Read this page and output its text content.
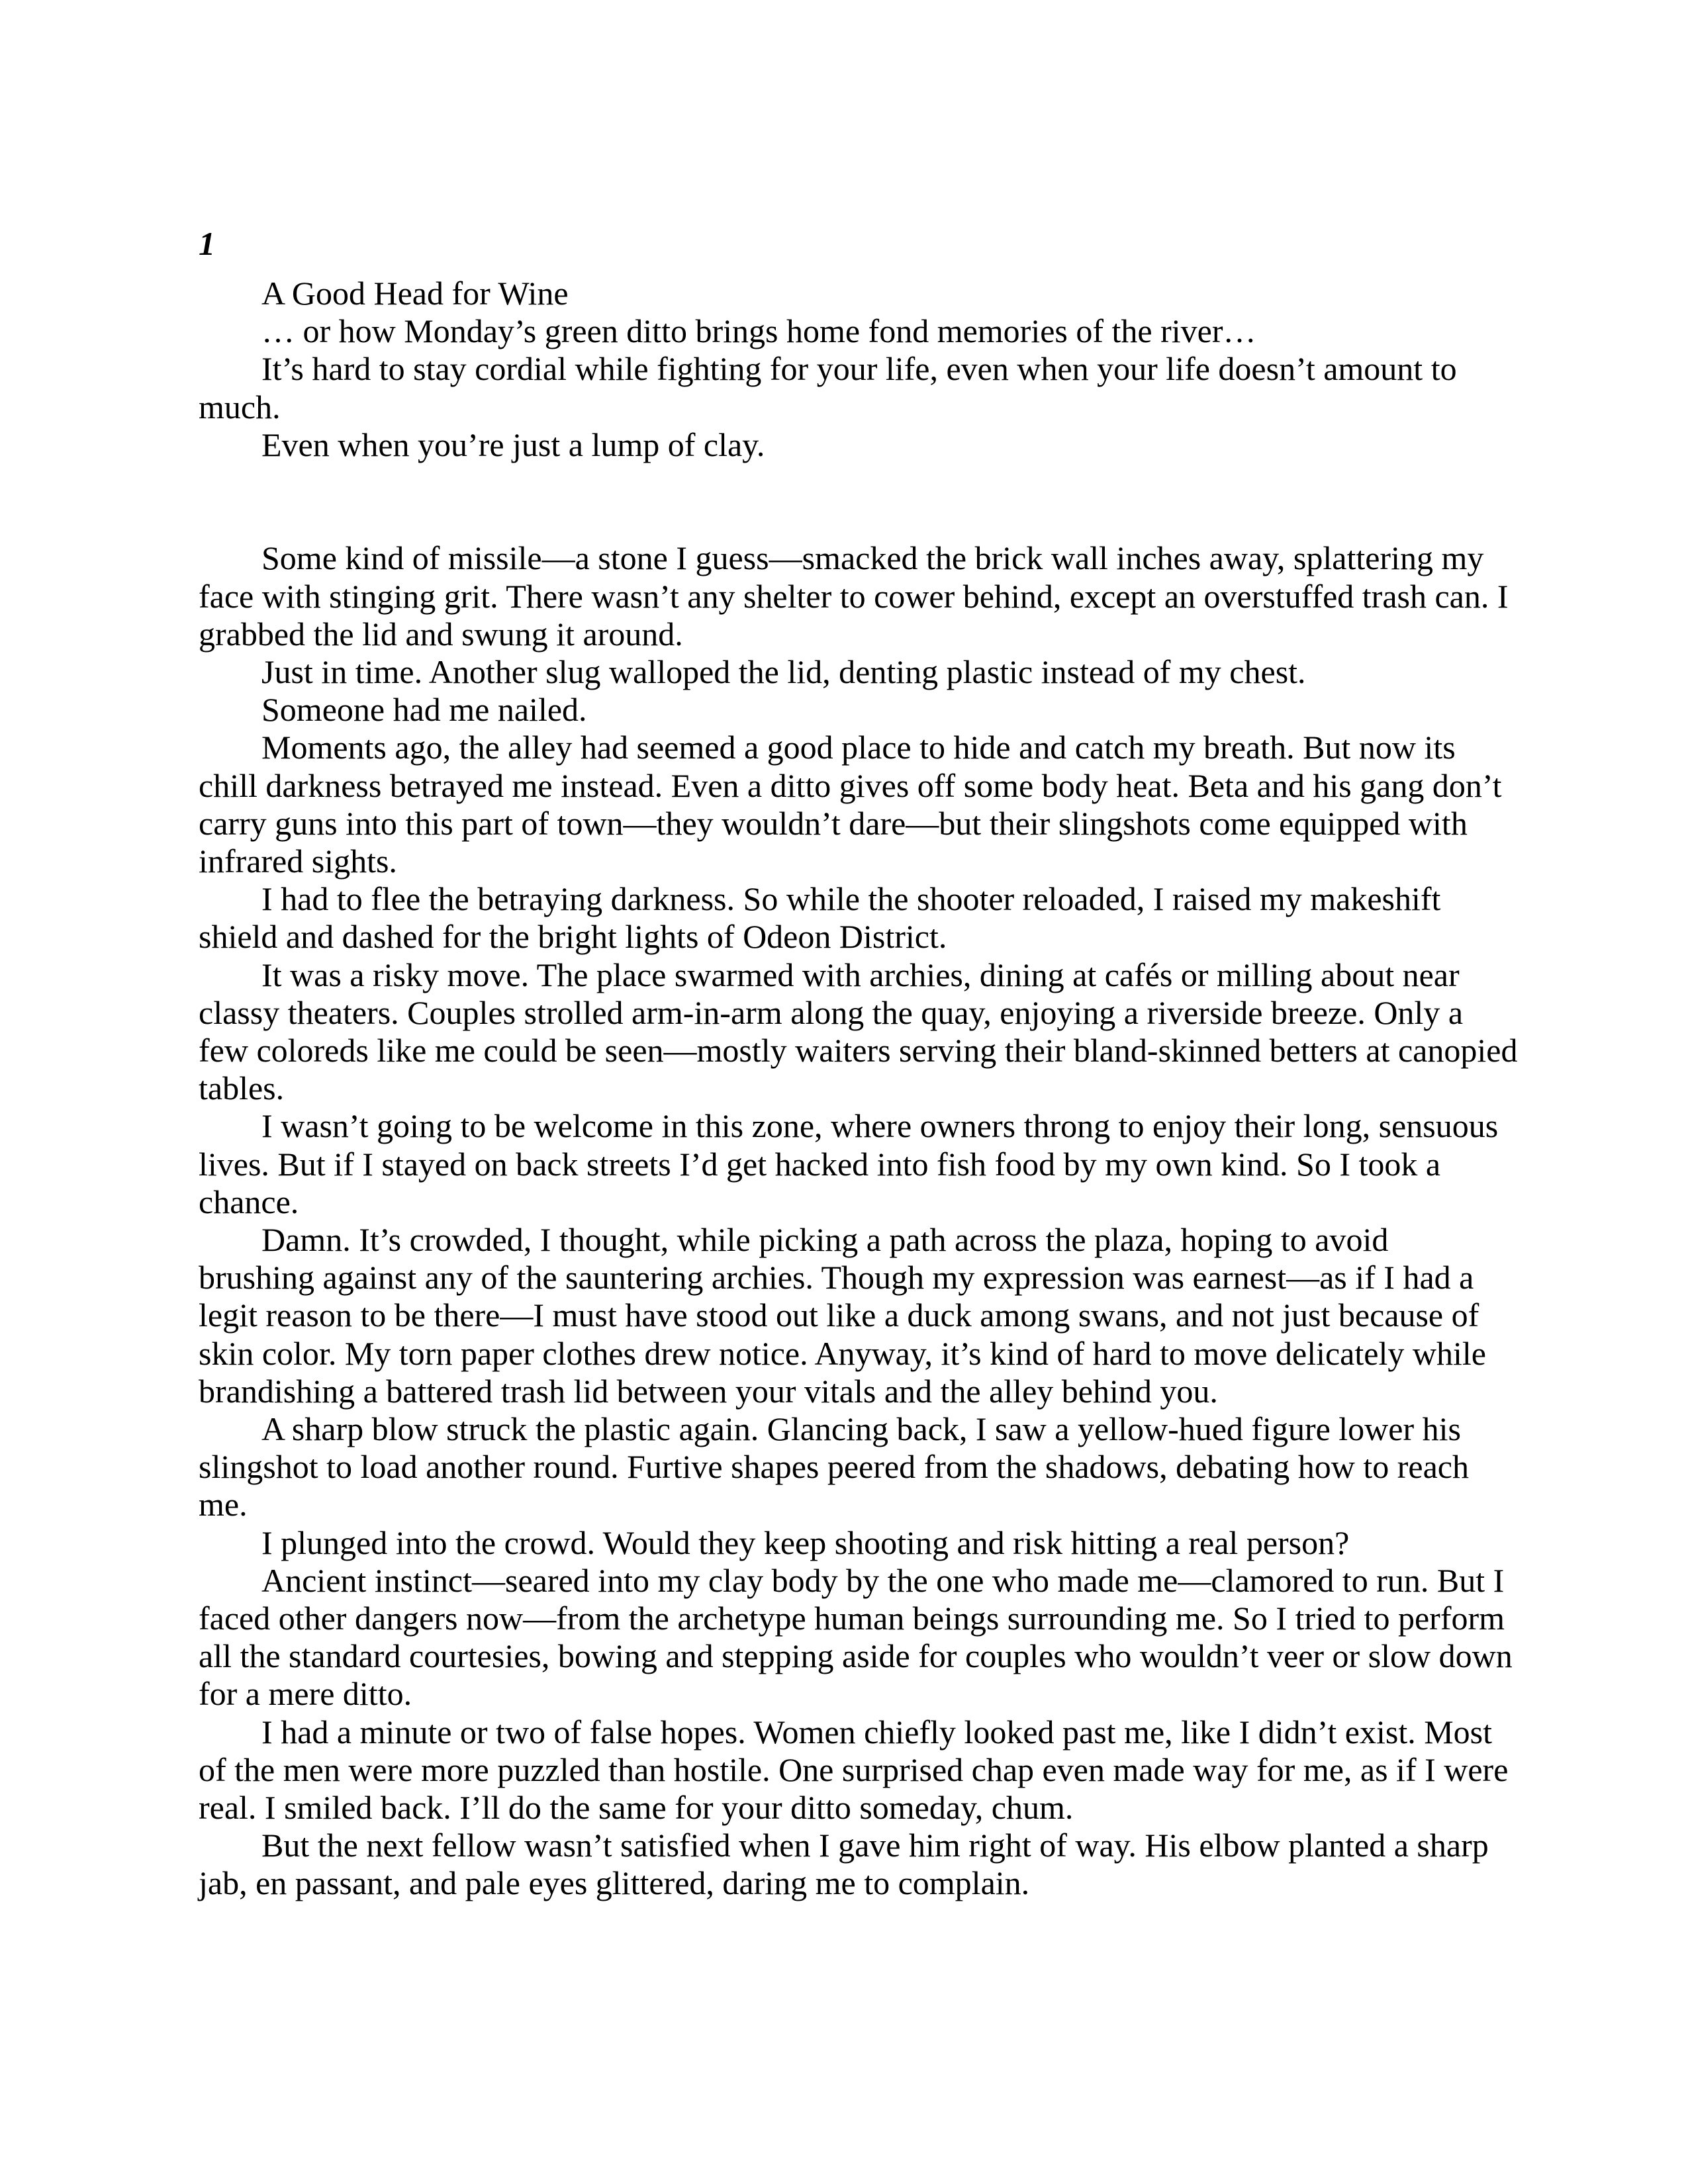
1
A Good Head for Wine
… or how Monday’s green ditto brings home fond memories of the river…
It’s hard to stay cordial while fighting for your life, even when your life doesn’t amount to
much.
Even when you’re just a lump of clay.
Some kind of missile—a stone I guess—smacked the brick wall inches away, splattering my
face with stinging grit. There wasn’t any shelter to cower behind, except an overstuffed trash can. I
grabbed the lid and swung it around.
Just in time. Another slug walloped the lid, denting plastic instead of my chest.
Someone had me nailed.
Moments ago, the alley had seemed a good place to hide and catch my breath. But now its
chill darkness betrayed me instead. Even a ditto gives off some body heat. Beta and his gang don’t
carry guns into this part of town—they wouldn’t dare—but their slingshots come equipped with
infrared sights.
I had to flee the betraying darkness. So while the shooter reloaded, I raised my makeshift
shield and dashed for the bright lights of Odeon District.
It was a risky move. The place swarmed with archies, dining at cafés or milling about near
classy theaters. Couples strolled arm-in-arm along the quay, enjoying a riverside breeze. Only a
few coloreds like me could be seen—mostly waiters serving their bland-skinned betters at canopied
tables.
I wasn’t going to be welcome in this zone, where owners throng to enjoy their long, sensuous
lives. But if I stayed on back streets I’d get hacked into fish food by my own kind. So I took a
chance.
Damn. It’s crowded, I thought, while picking a path across the plaza, hoping to avoid
brushing against any of the sauntering archies. Though my expression was earnest—as if I had a
legit reason to be there—I must have stood out like a duck among swans, and not just because of
skin color. My torn paper clothes drew notice. Anyway, it’s kind of hard to move delicately while
brandishing a battered trash lid between your vitals and the alley behind you.
A sharp blow struck the plastic again. Glancing back, I saw a yellow-hued figure lower his
slingshot to load another round. Furtive shapes peered from the shadows, debating how to reach
me.
I plunged into the crowd. Would they keep shooting and risk hitting a real person?
Ancient instinct—seared into my clay body by the one who made me—clamored to run. But I
faced other dangers now—from the archetype human beings surrounding me. So I tried to perform
all the standard courtesies, bowing and stepping aside for couples who wouldn’t veer or slow down
for a mere ditto.
I had a minute or two of false hopes. Women chiefly looked past me, like I didn’t exist. Most
of the men were more puzzled than hostile. One surprised chap even made way for me, as if I were
real. I smiled back. I’ll do the same for your ditto someday, chum.
But the next fellow wasn’t satisfied when I gave him right of way. His elbow planted a sharp
jab, en passant, and pale eyes glittered, daring me to complain.
